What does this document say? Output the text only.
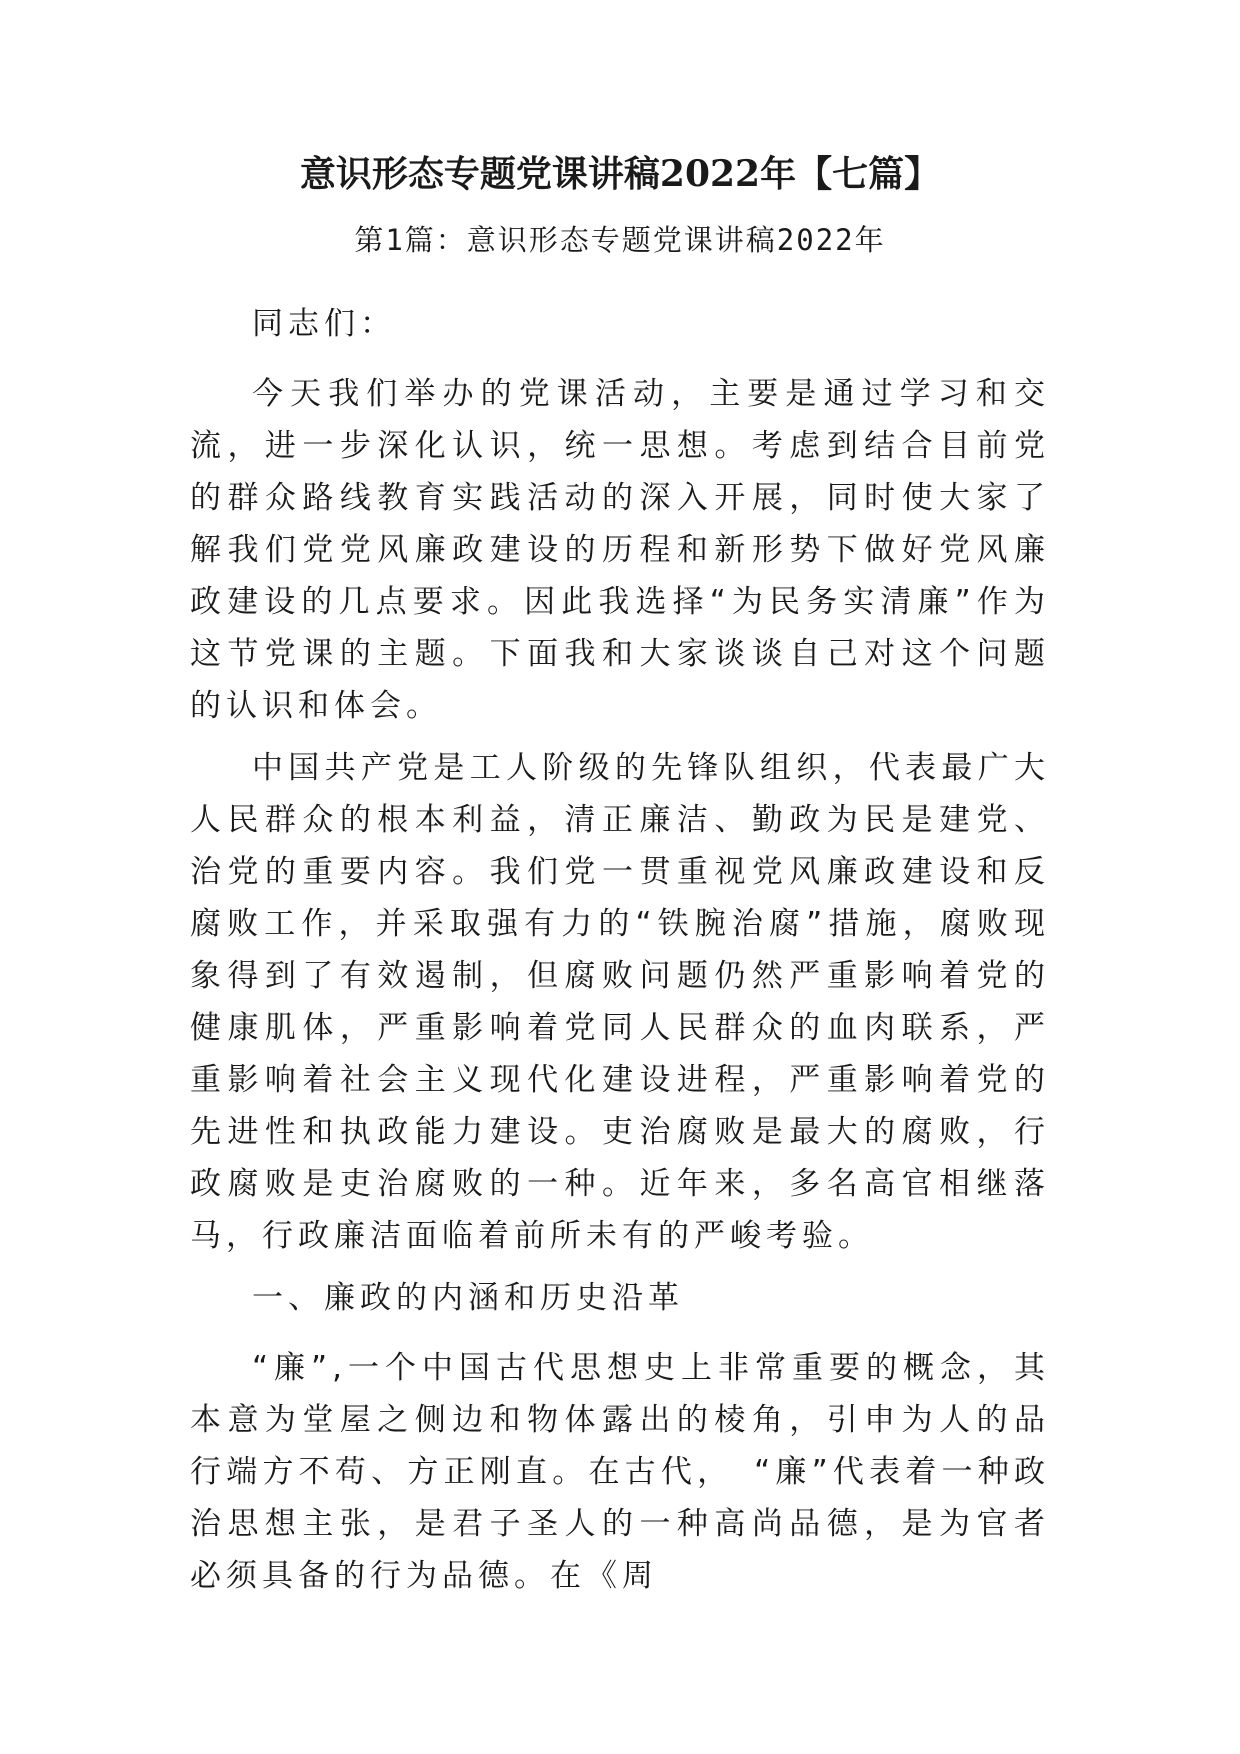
意识形态专题党课讲稿2022年【七篇】
第1篇：意识形态专题党课讲稿2022年

同志们：

今天我们举办的党课活动，主要是通过学习和交流，进一步深化认识，统一思想。考虑到结合目前党的群众路线教育实践活动的深入开展，同时使大家了解我们党党风廉政建设的历程和新形势下做好党风廉政建设的几点要求。因此我选择“为民务实清廉”作为这节党课的主题。下面我和大家谈谈自己对这个问题的认识和体会。

中国共产党是工人阶级的先锋队组织，代表最广大人民群众的根本利益，清正廉洁、勤政为民是建党、治党的重要内容。我们党一贯重视党风廉政建设和反腐败工作，并采取强有力的“铁腕治腐”措施，腐败现象得到了有效遏制，但腐败问题仍然严重影响着党的健康肌体，严重影响着党同人民群众的血肉联系，严重影响着社会主义现代化建设进程，严重影响着党的先进性和执政能力建设。吏治腐败是最大的腐败，行政腐败是吏治腐败的一种。近年来，多名高官相继落马，行政廉洁面临着前所未有的严峻考验。

一、廉政的内涵和历史沿革

“廉”,一个中国古代思想史上非常重要的概念，其本意为堂屋之侧边和物体露出的棱角，引申为人的品行端方不苟、方正刚直。在古代，　“廉”代表着一种政治思想主张，是君子圣人的一种高尚品德，是为官者必须具备的行为品德。在《周
